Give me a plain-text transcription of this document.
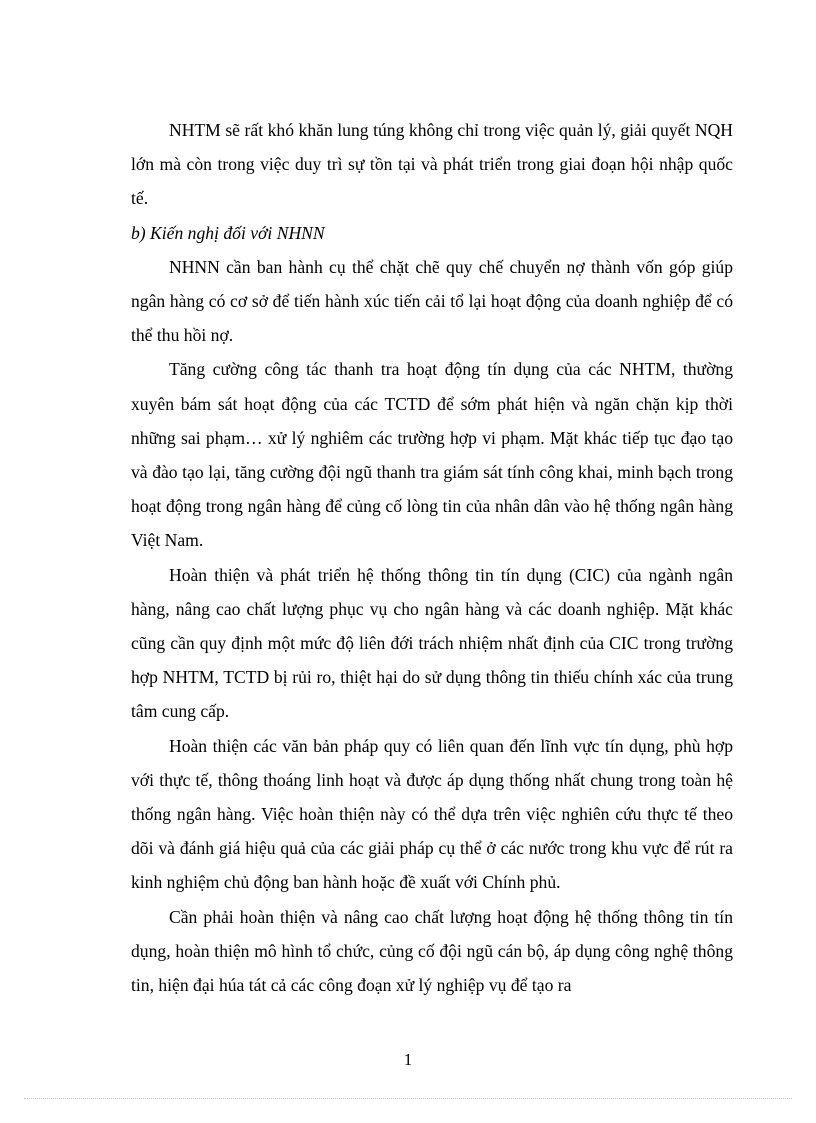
NHTM sẽ rất khó khăn lung túng không chỉ trong việc quản lý, giải quyết NQH lớn mà còn trong việc duy trì sự tồn tại và phát triển trong giai đoạn hội nhập quốc tế.

b) Kiến nghị đối với NHNN

NHNN cần ban hành cụ thể chặt chẽ quy chế chuyển nợ thành vốn góp giúp ngân hàng có cơ sở để tiến hành xúc tiến cải tổ lại hoạt động của doanh nghiệp để có thể thu hồi nợ.

Tăng cường công tác thanh tra hoạt động tín dụng của các NHTM, thường xuyên bám sát hoạt động của các TCTD để sớm phát hiện và ngăn chặn kịp thời những sai phạm… xử lý nghiêm các trường hợp vi phạm. Mặt khác tiếp tục đạo tạo và đào tạo lại, tăng cường đội ngũ thanh tra giám sát tính công khai, minh bạch trong hoạt động trong ngân hàng để củng cố lòng tin của nhân dân vào hệ thống ngân hàng Việt Nam.

Hoàn thiện và phát triển hệ thống thông tin tín dụng (CIC) của ngành ngân hàng, nâng cao chất lượng phục vụ cho ngân hàng và các doanh nghiệp. Mặt khác cũng cần quy định một mức độ liên đới trách nhiệm nhất định của CIC trong trường hợp NHTM, TCTD bị rủi ro, thiệt hại do sử dụng thông tin thiếu chính xác của trung tâm cung cấp.

Hoàn thiện các văn bản pháp quy có liên quan đến lĩnh vực tín dụng, phù hợp với thực tế, thông thoáng linh hoạt và được áp dụng thống nhất chung trong toàn hệ thống ngân hàng. Việc hoàn thiện này có thể dựa trên việc nghiên cứu thực tế theo dõi và đánh giá hiệu quả của các giải pháp cụ thể ở các nước trong khu vực để rút ra kinh nghiệm chủ động ban hành hoặc đề xuất với Chính phủ.

Cần phải hoàn thiện và nâng cao chất lượng hoạt động hệ thống thông tin tín dụng, hoàn thiện mô hình tổ chức, củng cố đội ngũ cán bộ, áp dụng công nghệ thông tin, hiện đại húa tát cả các công đoạn xử lý nghiệp vụ để tạo ra

1
